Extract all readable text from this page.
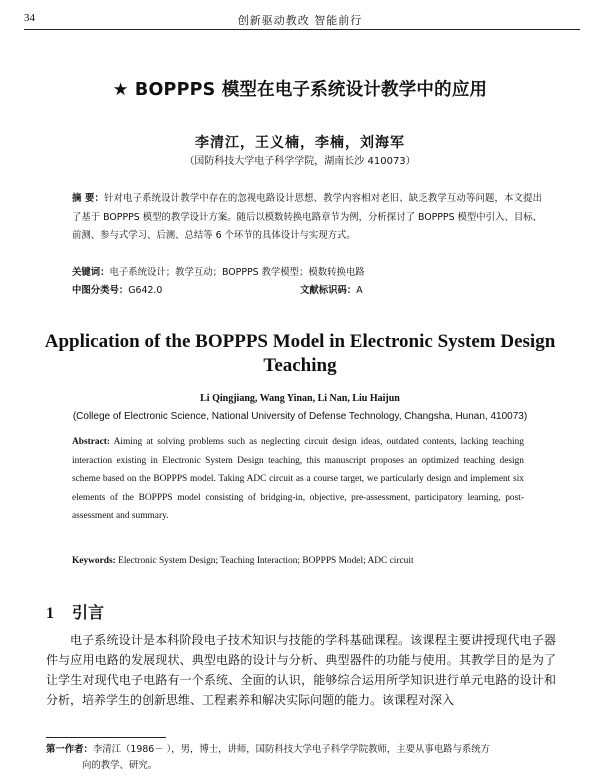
34	创新驱动教改 智能前行
★ BOPPPS 模型在电子系统设计教学中的应用
李清江，王义楠，李楠，刘海军
（国防科技大学电子科学学院，湖南长沙 410073）
摘 要：针对电子系统设计教学中存在的忽视电路设计思想、教学内容相对老旧、缺乏教学互动等问题，本文提出了基于 BOPPPS 模型的教学设计方案。随后以模数转换电路章节为例，分析探讨了 BOPPPS 模型中引入、目标、前测、参与式学习、后测、总结等 6 个环节的具体设计与实现方式。
关键词：电子系统设计；教学互动；BOPPPS 教学模型；模数转换电路
中图分类号：G642.0	文献标识码：A
Application of the BOPPPS Model in Electronic System Design Teaching
Li Qingjiang, Wang Yinan, Li Nan, Liu Haijun
(College of Electronic Science, National University of Defense Technology, Changsha, Hunan, 410073)
Abstract: Aiming at solving problems such as neglecting circuit design ideas, outdated contents, lacking teaching interaction existing in Electronic System Design teaching, this manuscript proposes an optimized teaching design scheme based on the BOPPPS model. Taking ADC circuit as a course target, we particularly design and implement six elements of the BOPPPS model consisting of bridging-in, objective, pre-assessment, participatory learning, post-assessment and summary.
Keywords: Electronic System Design; Teaching Interaction; BOPPPS Model; ADC circuit
1 引言
电子系统设计是本科阶段电子技术知识与技能的学科基础课程。该课程主要讲授现代电子器件与应用电路的发展现状、典型电路的设计与分析、典型器件的功能与使用。其教学目的是为了让学生对现代电子电路有一个系统、全面的认识，能够综合运用所学知识进行单元电路的设计和分析，培养学生的创新思维、工程素养和解决实际问题的能力。该课程对深入
第一作者：李清江（1986－ ），男，博士，讲师，国防科技大学电子科学学院教师，主要从事电路与系统方
向的教学、研究。
